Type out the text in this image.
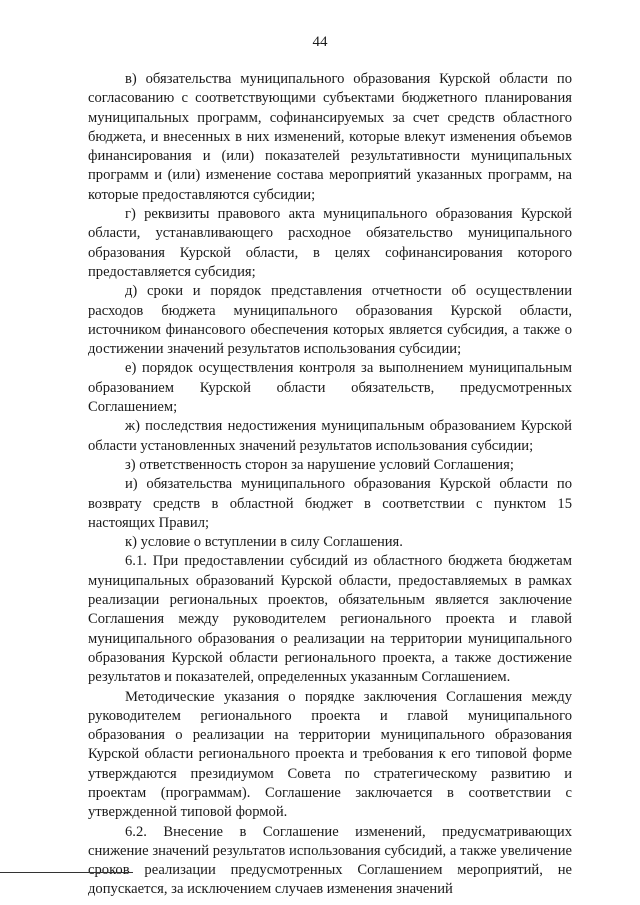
44

в) обязательства муниципального образования Курской области по согласованию с соответствующими субъектами бюджетного планирования муниципальных программ, софинансируемых за счет средств областного бюджета, и внесенных в них изменений, которые влекут изменения объемов финансирования и (или) показателей результативности муниципальных программ и (или) изменение состава мероприятий указанных программ, на которые предоставляются субсидии;

г) реквизиты правового акта муниципального образования Курской области, устанавливающего расходное обязательство муниципального образования Курской области, в целях софинансирования которого предоставляется субсидия;

д) сроки и порядок представления отчетности об осуществлении расходов бюджета муниципального образования Курской области, источником финансового обеспечения которых является субсидия, а также о достижении значений результатов использования субсидии;

е) порядок осуществления контроля за выполнением муниципальным образованием Курской области обязательств, предусмотренных Соглашением;

ж) последствия недостижения муниципальным образованием Курской области установленных значений результатов использования субсидии;

з) ответственность сторон за нарушение условий Соглашения;

и) обязательства муниципального образования Курской области по возврату средств в областной бюджет в соответствии с пунктом 15 настоящих Правил;

к) условие о вступлении в силу Соглашения.

6.1. При предоставлении субсидий из областного бюджета бюджетам муниципальных образований Курской области, предоставляемых в рамках реализации региональных проектов, обязательным является заключение Соглашения между руководителем регионального проекта и главой муниципального образования о реализации на территории муниципального образования Курской области регионального проекта, а также достижение результатов и показателей, определенных указанным Соглашением.

Методические указания о порядке заключения Соглашения между руководителем регионального проекта и главой муниципального образования о реализации на территории муниципального образования Курской области регионального проекта и требования к его типовой форме утверждаются президиумом Совета по стратегическому развитию и проектам (программам). Соглашение заключается в соответствии с утвержденной типовой формой.

6.2. Внесение в Соглашение изменений, предусматривающих снижение значений результатов использования субсидий, а также увеличение сроков реализации предусмотренных Соглашением мероприятий, не допускается, за исключением случаев изменения значений
